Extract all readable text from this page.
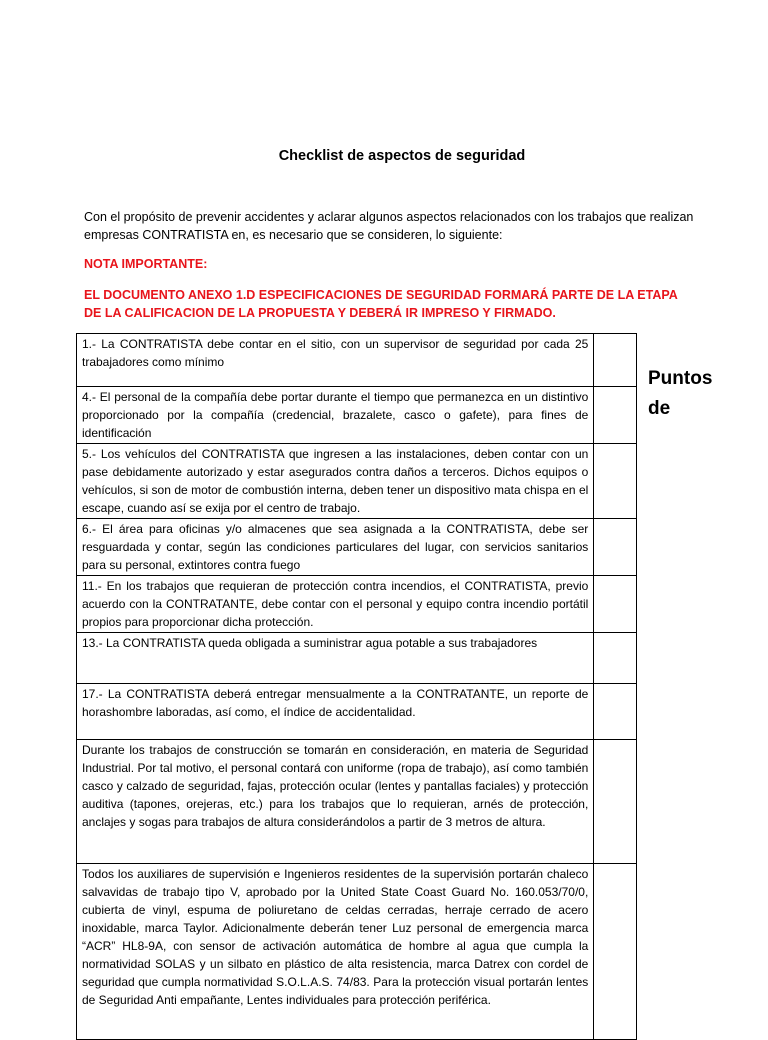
Checklist de aspectos de seguridad
Con el propósito de prevenir accidentes y aclarar algunos aspectos relacionados con los trabajos que realizan empresas CONTRATISTA en, es necesario que se consideren, lo siguiente:
NOTA IMPORTANTE:
EL DOCUMENTO ANEXO 1.D ESPECIFICACIONES DE SEGURIDAD FORMARÁ PARTE DE LA ETAPA DE LA CALIFICACION DE LA PROPUESTA Y DEBERÁ IR IMPRESO Y FIRMADO.
1.- La CONTRATISTA debe contar en el sitio, con un supervisor de seguridad por cada 25 trabajadores como mínimo	
4.- El personal de la compañía debe portar durante el tiempo que permanezca en un distintivo proporcionado por la compañía (credencial, brazalete, casco o gafete), para fines de identificación	
5.- Los vehículos del CONTRATISTA que ingresen a las instalaciones, deben contar con un pase debidamente autorizado y estar asegurados contra daños a terceros. Dichos equipos o vehículos, si son de motor de combustión interna, deben tener un dispositivo mata chispa en el escape, cuando así se exija por el centro de trabajo.	
6.- El área para oficinas y/o almacenes que sea asignada a la CONTRATISTA, debe ser resguardada y contar, según las condiciones particulares del lugar, con servicios sanitarios para su personal, extintores contra fuego	
11.- En los trabajos que requieran de protección contra incendios, el CONTRATISTA, previo acuerdo con la CONTRATANTE, debe contar con el personal y equipo contra incendio portátil propios para proporcionar dicha protección.	
13.- La CONTRATISTA queda obligada a suministrar agua potable a sus trabajadores	
17.- La CONTRATISTA deberá entregar mensualmente a la CONTRATANTE, un reporte de horashombre laboradas, así como, el índice de accidentalidad.	
Durante los trabajos de construcción se tomarán en consideración, en materia de Seguridad Industrial. Por tal motivo, el personal contará con uniforme (ropa de trabajo), así como también casco y calzado de seguridad, fajas, protección ocular (lentes y pantallas faciales) y protección auditiva (tapones, orejeras, etc.) para los trabajos que lo requieran, arnés de protección, anclajes y sogas para trabajos de altura considerándolos a partir de 3 metros de altura.	
Todos los auxiliares de supervisión e Ingenieros residentes de la supervisión portarán chaleco salvavidas de trabajo tipo V, aprobado por la United State Coast Guard No. 160.053/70/0, cubierta de vinyl, espuma de poliuretano de celdas cerradas, herraje cerrado de acero inoxidable, marca Taylor. Adicionalmente deberán tener Luz personal de emergencia marca “ACR” HL8-9A, con sensor de activación automática de hombre al agua que cumpla la normatividad SOLAS y un silbato en plástico de alta resistencia, marca Datrex con cordel de seguridad que cumpla normatividad S.O.L.A.S. 74/83. Para la protección visual portarán lentes de Seguridad Anti empañante, Lentes individuales para protección periférica.	
Puntos
de
